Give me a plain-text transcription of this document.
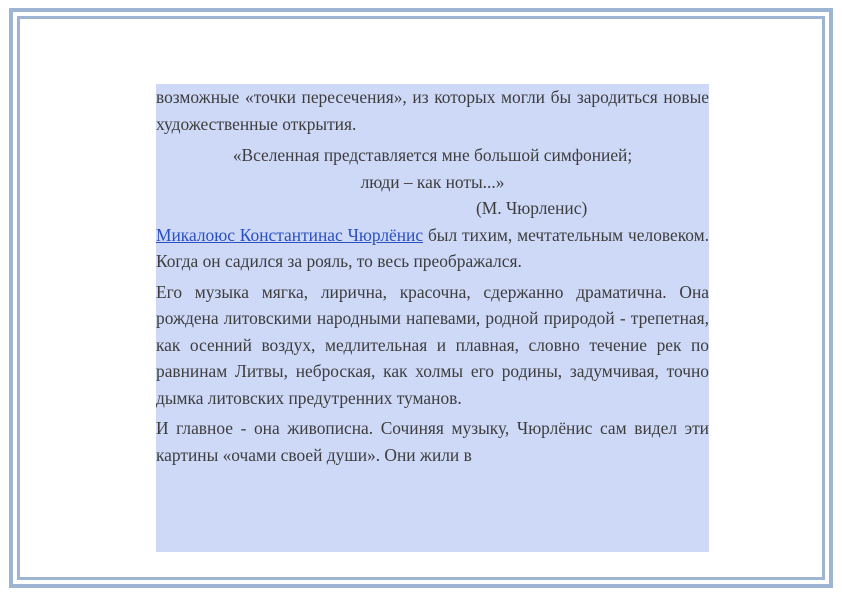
возможные «точки пересечения», из которых могли бы зародиться новые художественные открытия.

«Вселенная представляется мне большой симфонией;
люди – как ноты...»

(М. Чюрленис)

Микалоюс Константинас Чюрлёнис был тихим, мечтательным человеком. Когда он садился за рояль, то весь преображался.

Его музыка мягка, лирична, красочна, сдержанно драматична. Она рождена литовскими народными напевами, родной природой - трепетная, как осенний воздух, медлительная и плавная, словно течение рек по равнинам Литвы, неброская, как холмы его родины, задумчивая, точно дымка литовских предутренних туманов.

И главное - она живописна. Сочиняя музыку, Чюрлёнис сам видел эти картины «очами своей души». Они жили в
